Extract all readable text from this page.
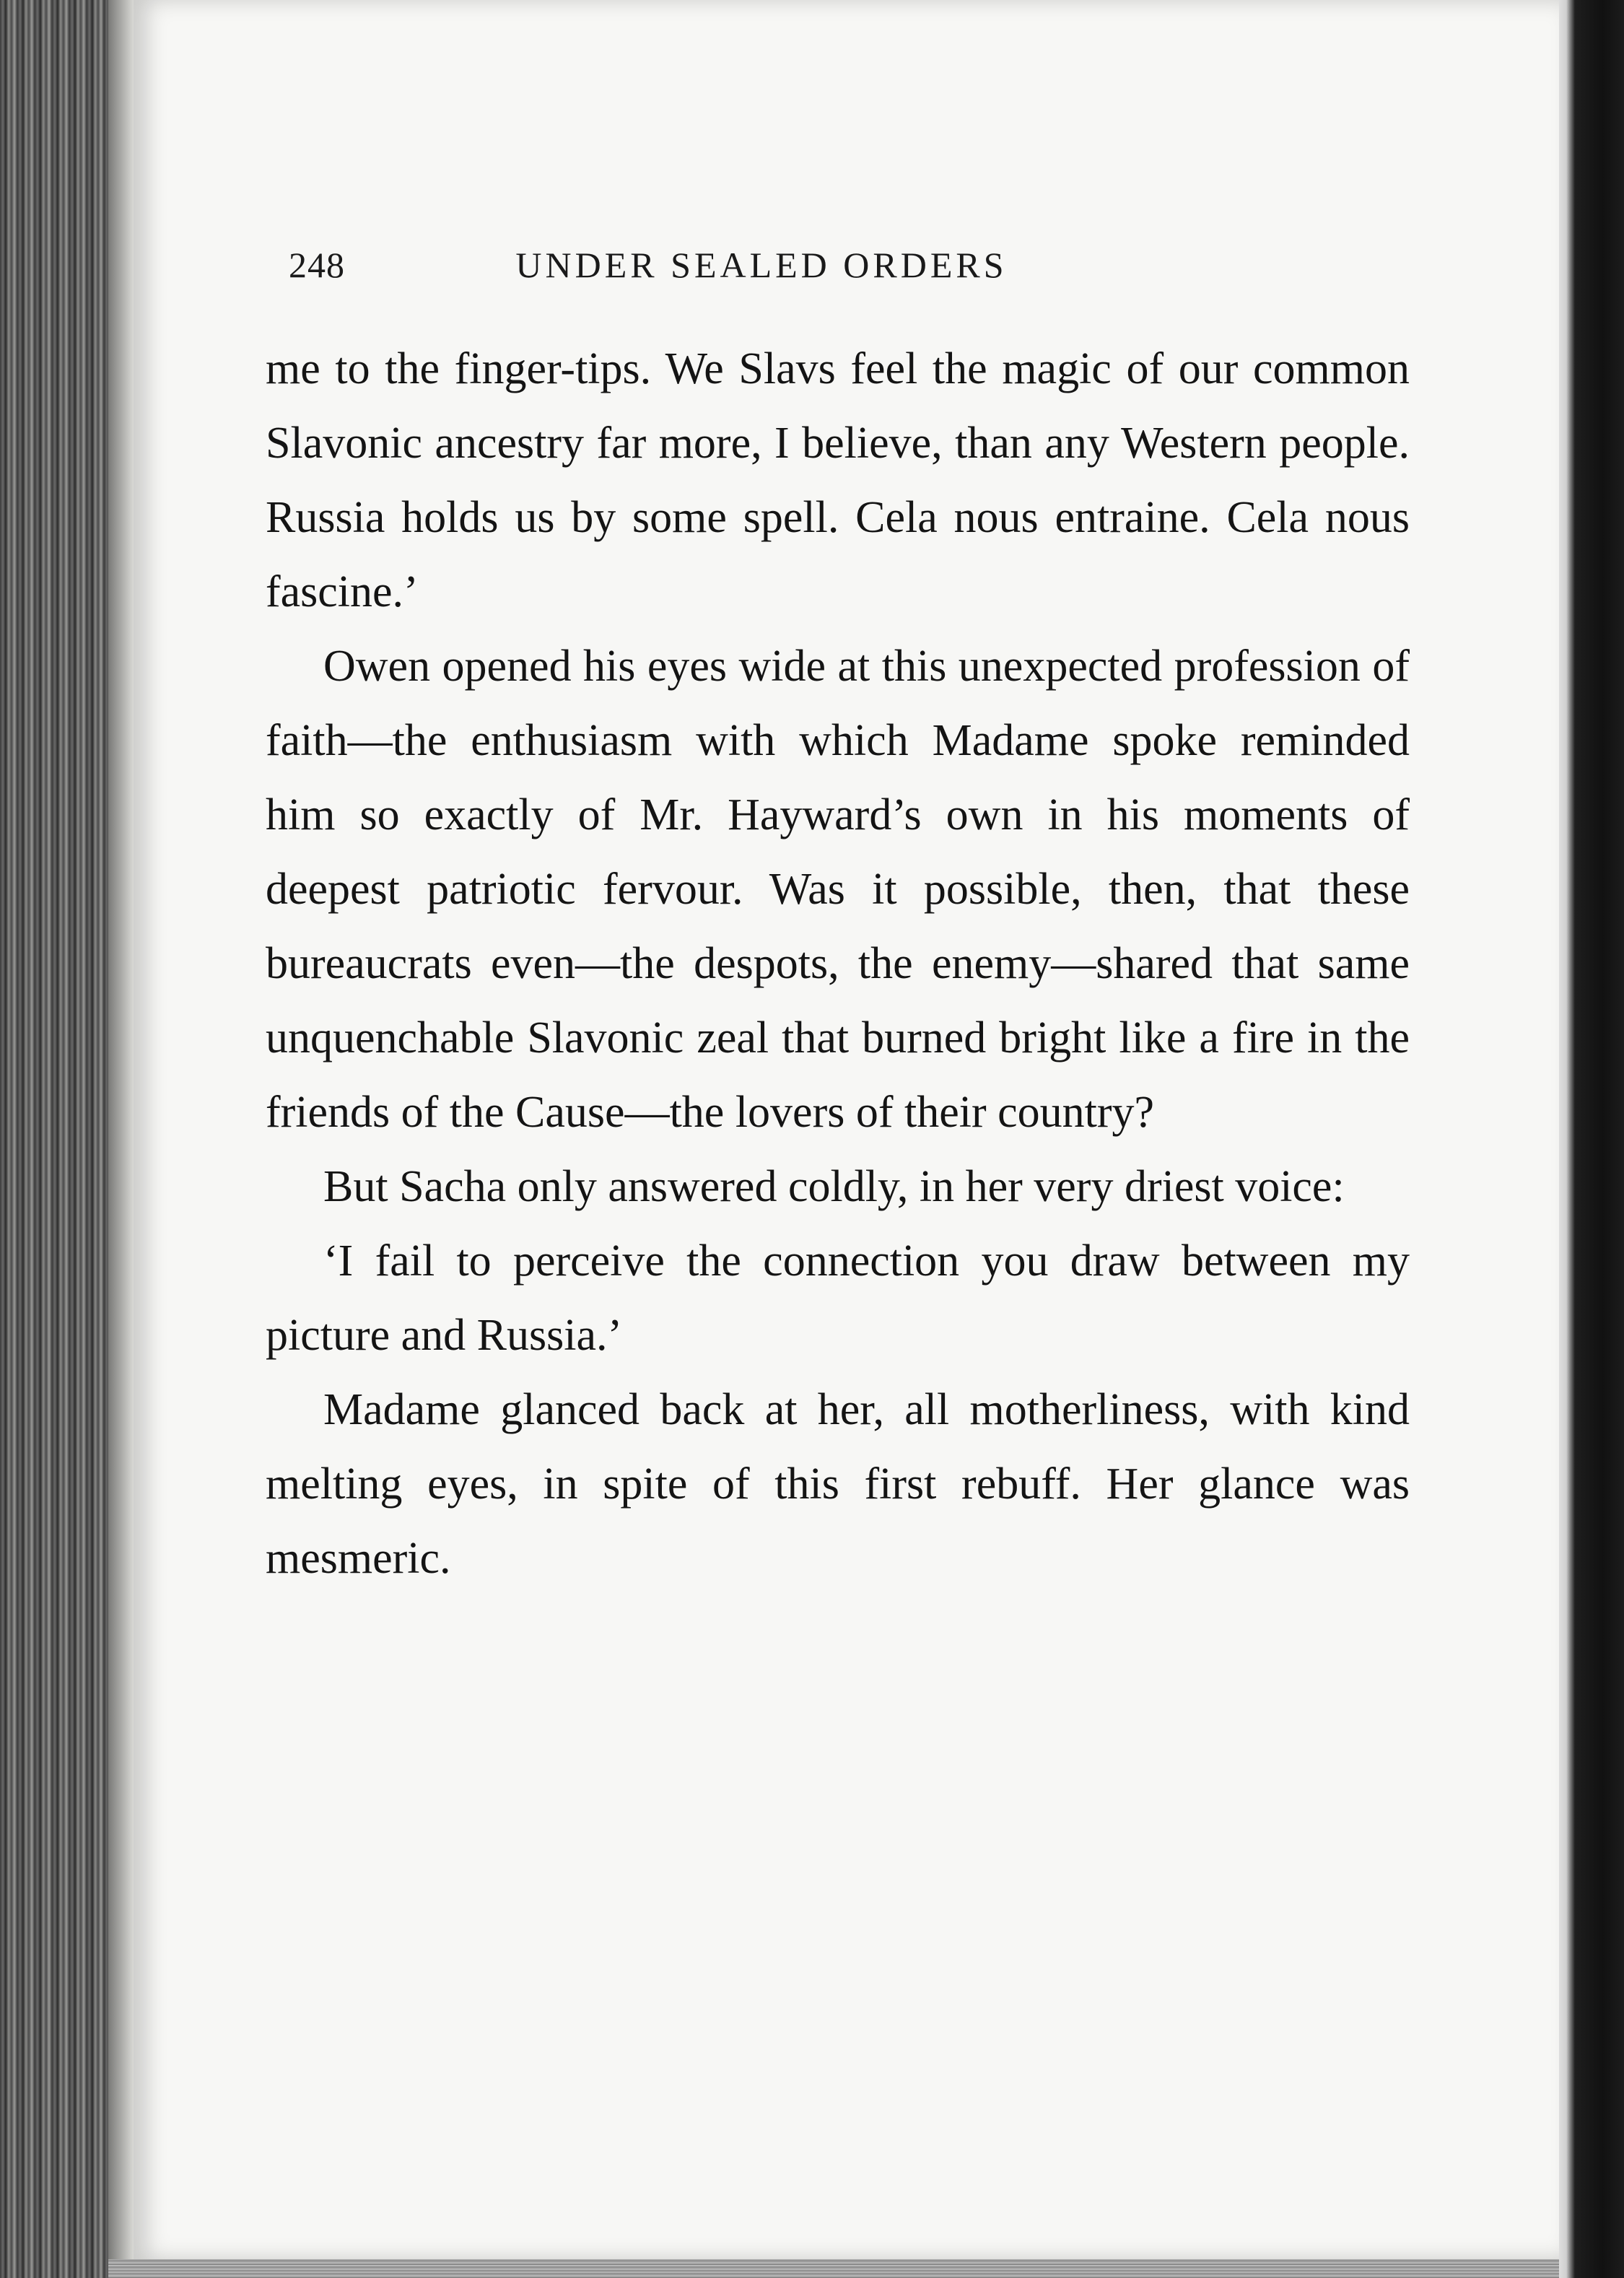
248	UNDER SEALED ORDERS

me to the finger-tips. We Slavs feel the magic of our common Slavonic ancestry far more, I believe, than any Western people. Russia holds us by some spell. Cela nous entraine. Cela nous fascine.’

Owen opened his eyes wide at this unexpected profession of faith—the enthusiasm with which Madame spoke reminded him so exactly of Mr. Hayward’s own in his moments of deepest patriotic fervour. Was it possible, then, that these bureaucrats even—the despots, the enemy—shared that same unquenchable Slavonic zeal that burned bright like a fire in the friends of the Cause—the lovers of their country?

But Sacha only answered coldly, in her very driest voice:

‘I fail to perceive the connection you draw between my picture and Russia.’

Madame glanced back at her, all motherliness, with kind melting eyes, in spite of this first rebuff. Her glance was mesmeric.
